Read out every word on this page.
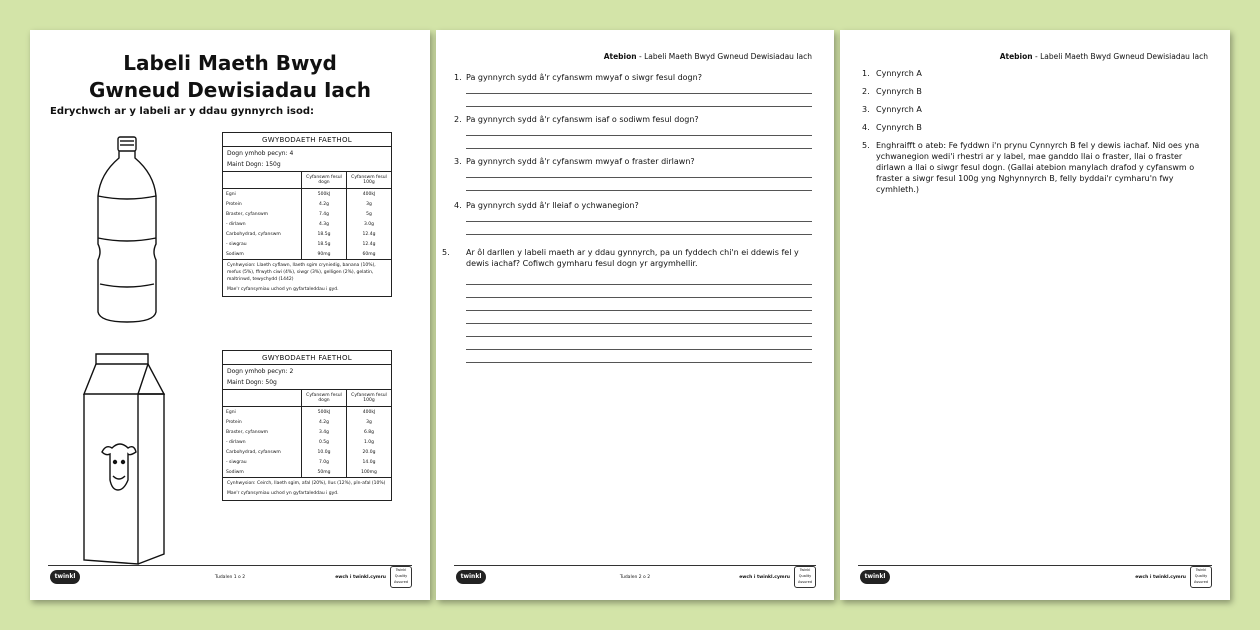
Labeli Maeth Bwyd
Gwneud Dewisiadau Iach
Edrychwch ar y labeli ar y ddau gynnyrch isod:
GWYBODAETH FAETHOL
Dogn ymhob pecyn: 4
Maint Dogn: 150g
	Cyfanswm fesul dogn	Cyfanswm fesul 100g
Egni	500kJ	400kJ
Protein	4.2g	3g
Braster, cyfanswm	7.4g	5g
- dirlawn	4.3g	3.0g
Carbohydrad, cyfanswm	18.5g	12.4g
- siwgrau	18.5g	12.4g
Sodiwm	90mg	60mg
Cynhwysion: Llaeth cyflawn, llaeth sgim cryniedig, banana (10%), mefus (5%), ffrwyth ciwi (4%), siwgr (3%), gelligen (2%), gelatin, maltrinwd, tewychydd (1442)
Mae'r cyfansymiau uchod yn gyfartaleddau i gyd.
GWYBODAETH FAETHOL
Dogn ymhob pecyn: 2
Maint Dogn: 50g
	Cyfanswm fesul dogn	Cyfanswm fesul 100g
Egni	500kJ	400kJ
Protein	4.2g	3g
Braster, cyfanswm	3.4g	6.8g
- dirlawn	0.5g	1.0g
Carbohydrad, cyfanswm	10.0g	20.0g
- siwgrau	7.0g	14.0g
Sodiwm	50mg	100mg
Cynhwysion: Ceirch, llaeth sgim, afal (20%), llus (12%), pîn-afal (10%)
Mae'r cyfansymiau uchod yn gyfartaleddau i gyd.
twinkl	Tudalen 1 o 2	ewch i twinkl.cymru
Twinkl Quality Assured
Atebion - Labeli Maeth Bwyd Gwneud Dewisiadau Iach
1. Pa gynnyrch sydd â'r cyfanswm mwyaf o siwgr fesul dogn?
2. Pa gynnyrch sydd â'r cyfanswm isaf o sodiwm fesul dogn?
3. Pa gynnyrch sydd â'r cyfanswm mwyaf o fraster dirlawn?
4. Pa gynnyrch sydd â'r lleiaf o ychwanegion?
5. Ar ôl darllen y labeli maeth ar y ddau gynnyrch, pa un fyddech chi'n ei ddewis fel y dewis iachaf? Cofiwch gymharu fesul dogn yr argymhellir.
twinkl	Tudalen 2 o 2	ewch i twinkl.cymru
Twinkl Quality Assured
Atebion - Labeli Maeth Bwyd Gwneud Dewisiadau Iach
1. Cynnyrch A
2. Cynnyrch B
3. Cynnyrch A
4. Cynnyrch B
5. Enghraifft o ateb: Fe fyddwn i'n prynu Cynnyrch B fel y dewis iachaf. Nid oes yna ychwanegion wedi'i rhestri ar y label, mae ganddo llai o fraster, llai o fraster dirlawn a llai o siwgr fesul dogn. (Gallai atebion manylach drafod y cyfanswm o fraster a siwgr fesul 100g yng Nghynnyrch B, felly byddai'r cymharu'n fwy cymhleth.)
twinkl	ewch i twinkl.cymru
Twinkl Quality Assured
